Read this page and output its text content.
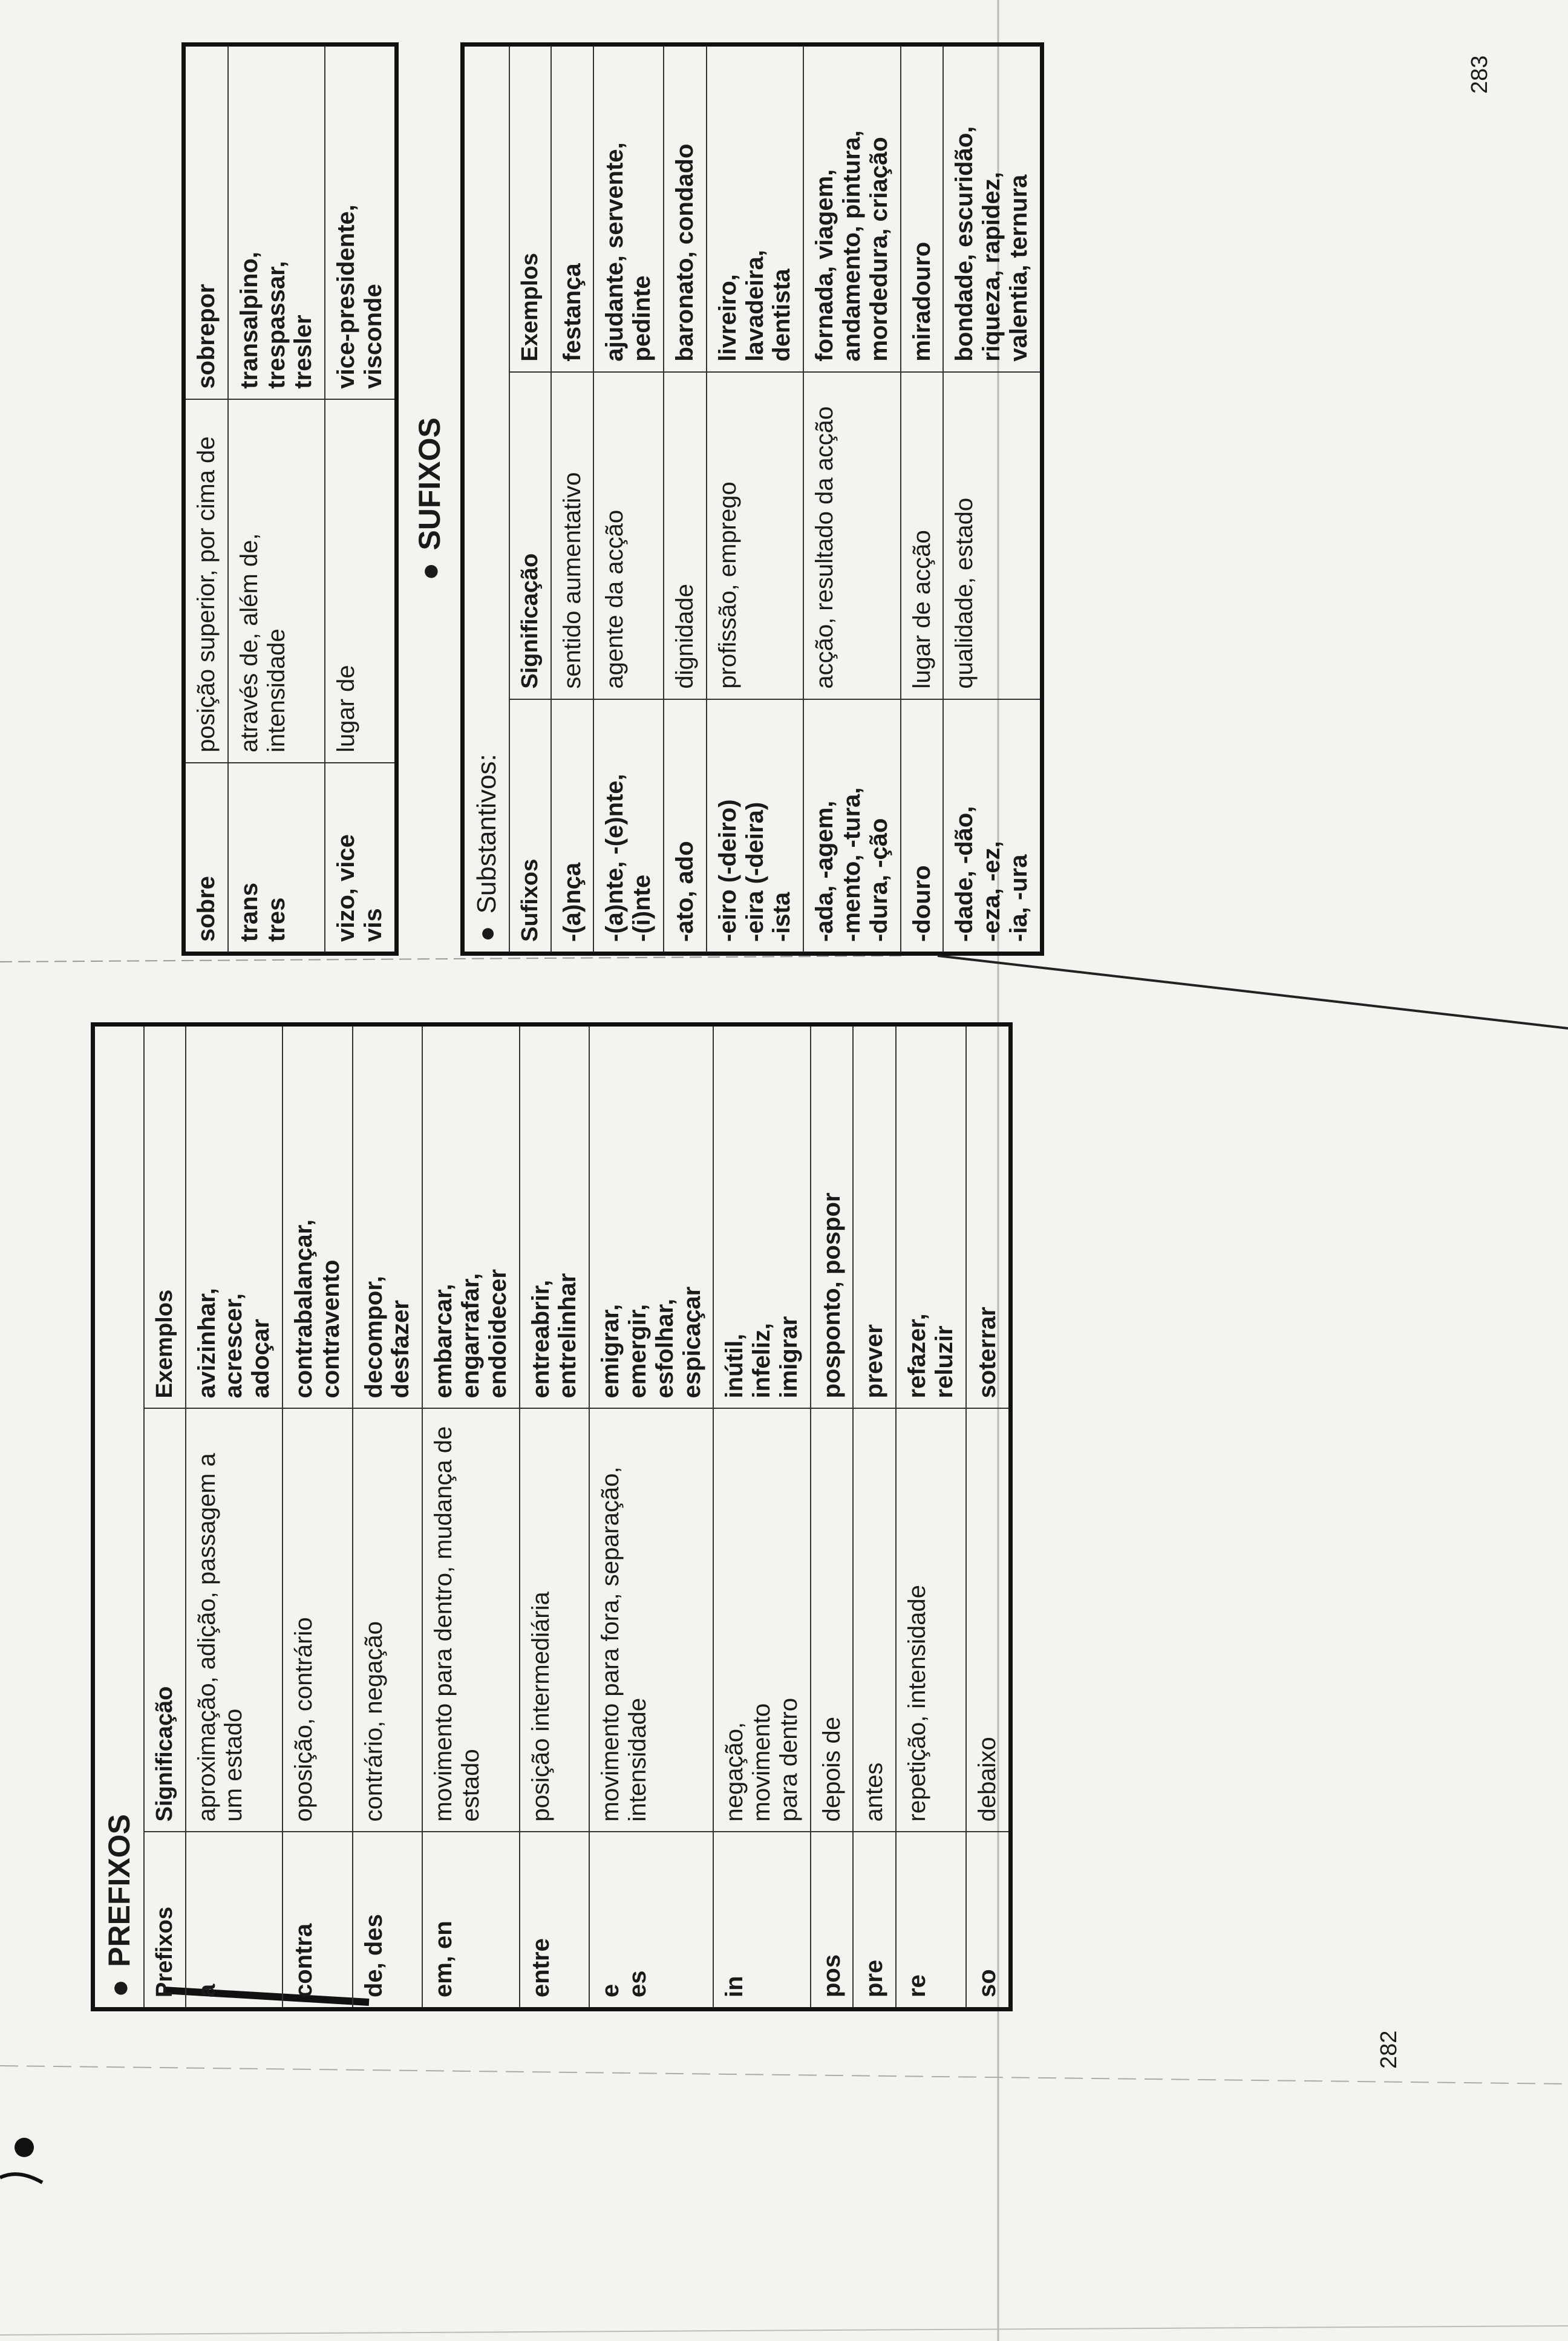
sobre	posição superior, por cima de	sobrepor

trans tres	através de, além de, intensidade	transalpino, trespassar, tresler

vizo, vice vis	lugar de	vice-presidente, visconde
●SUFIXOS
●Substantivos:		
Sufixos	Significação	Exemplos

-(a)nça	sentido aumentativo	festança

-(a)nte, -(e)nte, -(i)nte	agente da acção	ajudante, servente, pedinte

-ato, ado	dignidade	baronato, condado

-eiro (-deiro) -eira (-deira) -ista	profissão, emprego	livreiro, lavadeira, dentista

-ada, -agem, -mento, -tura, -dura, -ção	acção, resultado da acção	fornada, viagem, andamento, pintura, mordedura, criação

-douro	lugar de acção	miradouro

-dade, -dão, -eza, -ez, -ia, -ura	qualidade, estado	bondade, escuridão, riqueza, rapidez, valentia, ternura
●PREFIXOS		
Prefixos	Significação	Exemplos

a	aproximação, adição, passagem a um estado	avizinhar, acrescer, adoçar

contra	oposição, contrário	contrabalançar, contravento

de, des	contrário, negação	decompor, desfazer

em, en	movimento para dentro, mudança de estado	embarcar, engarrafar, endoidecer

entre	posição intermediária	entreabrir, entrelinhar

e es	movimento para fora, separação, intensidade	emigrar, emergir, esfolhar, espicaçar

in	negação, movimento para dentro	inútil, infeliz, imigrar

pos	depois de	posponto, pospor

pre	antes	prever

re	repetição, intensidade	refazer, reluzir

so	debaixo	soterrar
283
282
